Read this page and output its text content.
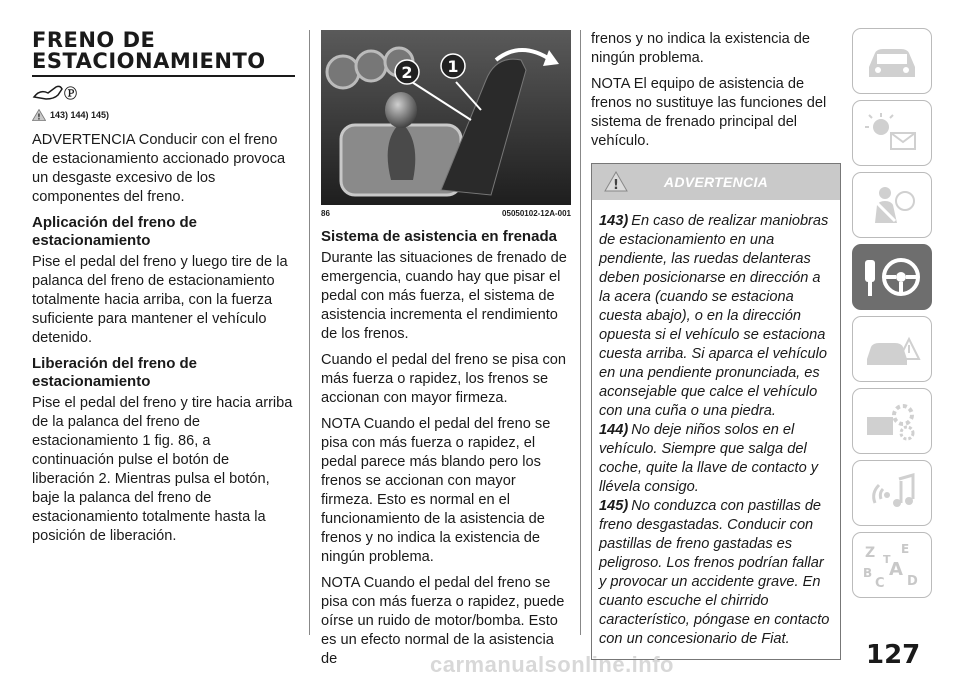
FRENO DE
ESTACIONAMIENTO
Ⓟ
! 143) 144) 145)

ADVERTENCIA Conducir con el freno de estacionamiento accionado provoca un desgaste excesivo de los componentes del freno.

Aplicación del freno de estacionamiento

Pise el pedal del freno y luego tire de la palanca del freno de estacionamiento totalmente hacia arriba, con la fuerza suficiente para mantener el vehículo detenido.

Liberación del freno de estacionamiento

Pise el pedal del freno y tire hacia arriba de la palanca del freno de estacionamiento 1 fig. 86, a continuación pulse el botón de liberación 2. Mientras pulsa el botón, baje la palanca del freno de estacionamiento totalmente hasta la posición de liberación.

1
2
86	05050102-12A-001
Sistema de asistencia en frenada

Durante las situaciones de frenado de emergencia, cuando hay que pisar el pedal con más fuerza, el sistema de asistencia incrementa el rendimiento de los frenos.

Cuando el pedal del freno se pisa con más fuerza o rapidez, los frenos se accionan con mayor firmeza.

NOTA Cuando el pedal del freno se pisa con más fuerza o rapidez, el pedal parece más blando pero los frenos se accionan con mayor firmeza. Esto es normal en el funcionamiento de la asistencia de frenos y no indica la existencia de ningún problema.

NOTA Cuando el pedal del freno se pisa con más fuerza o rapidez, puede oírse un ruido de motor/bomba. Esto es un efecto normal de la asistencia de

frenos y no indica la existencia de ningún problema.

NOTA El equipo de asistencia de frenos no sustituye las funciones del sistema de frenado principal del vehículo.

!	ADVERTENCIA

143) En caso de realizar maniobras de estacionamiento en una pendiente, las ruedas delanteras deben posicionarse en dirección a la acera (cuando se estaciona cuesta abajo), o en la dirección opuesta si el vehículo se estaciona cuesta arriba. Si aparca el vehículo en una pendiente pronunciada, es aconsejable que calce el vehículo con una cuña o una piedra.

144) No deje niños solos en el vehículo. Siempre que salga del coche, quite la llave de contacto y llévela consigo.

145) No conduzca con pastillas de freno desgastadas. Conducir con pastillas de freno gastadas es peligroso. Los frenos podrían fallar y provocar un accidente grave. En cuanto escuche el chirrido característico, póngase en contacto con un concesionario de Fiat.

Z E
B A
C
T
D
127
carmanualsonline.info
